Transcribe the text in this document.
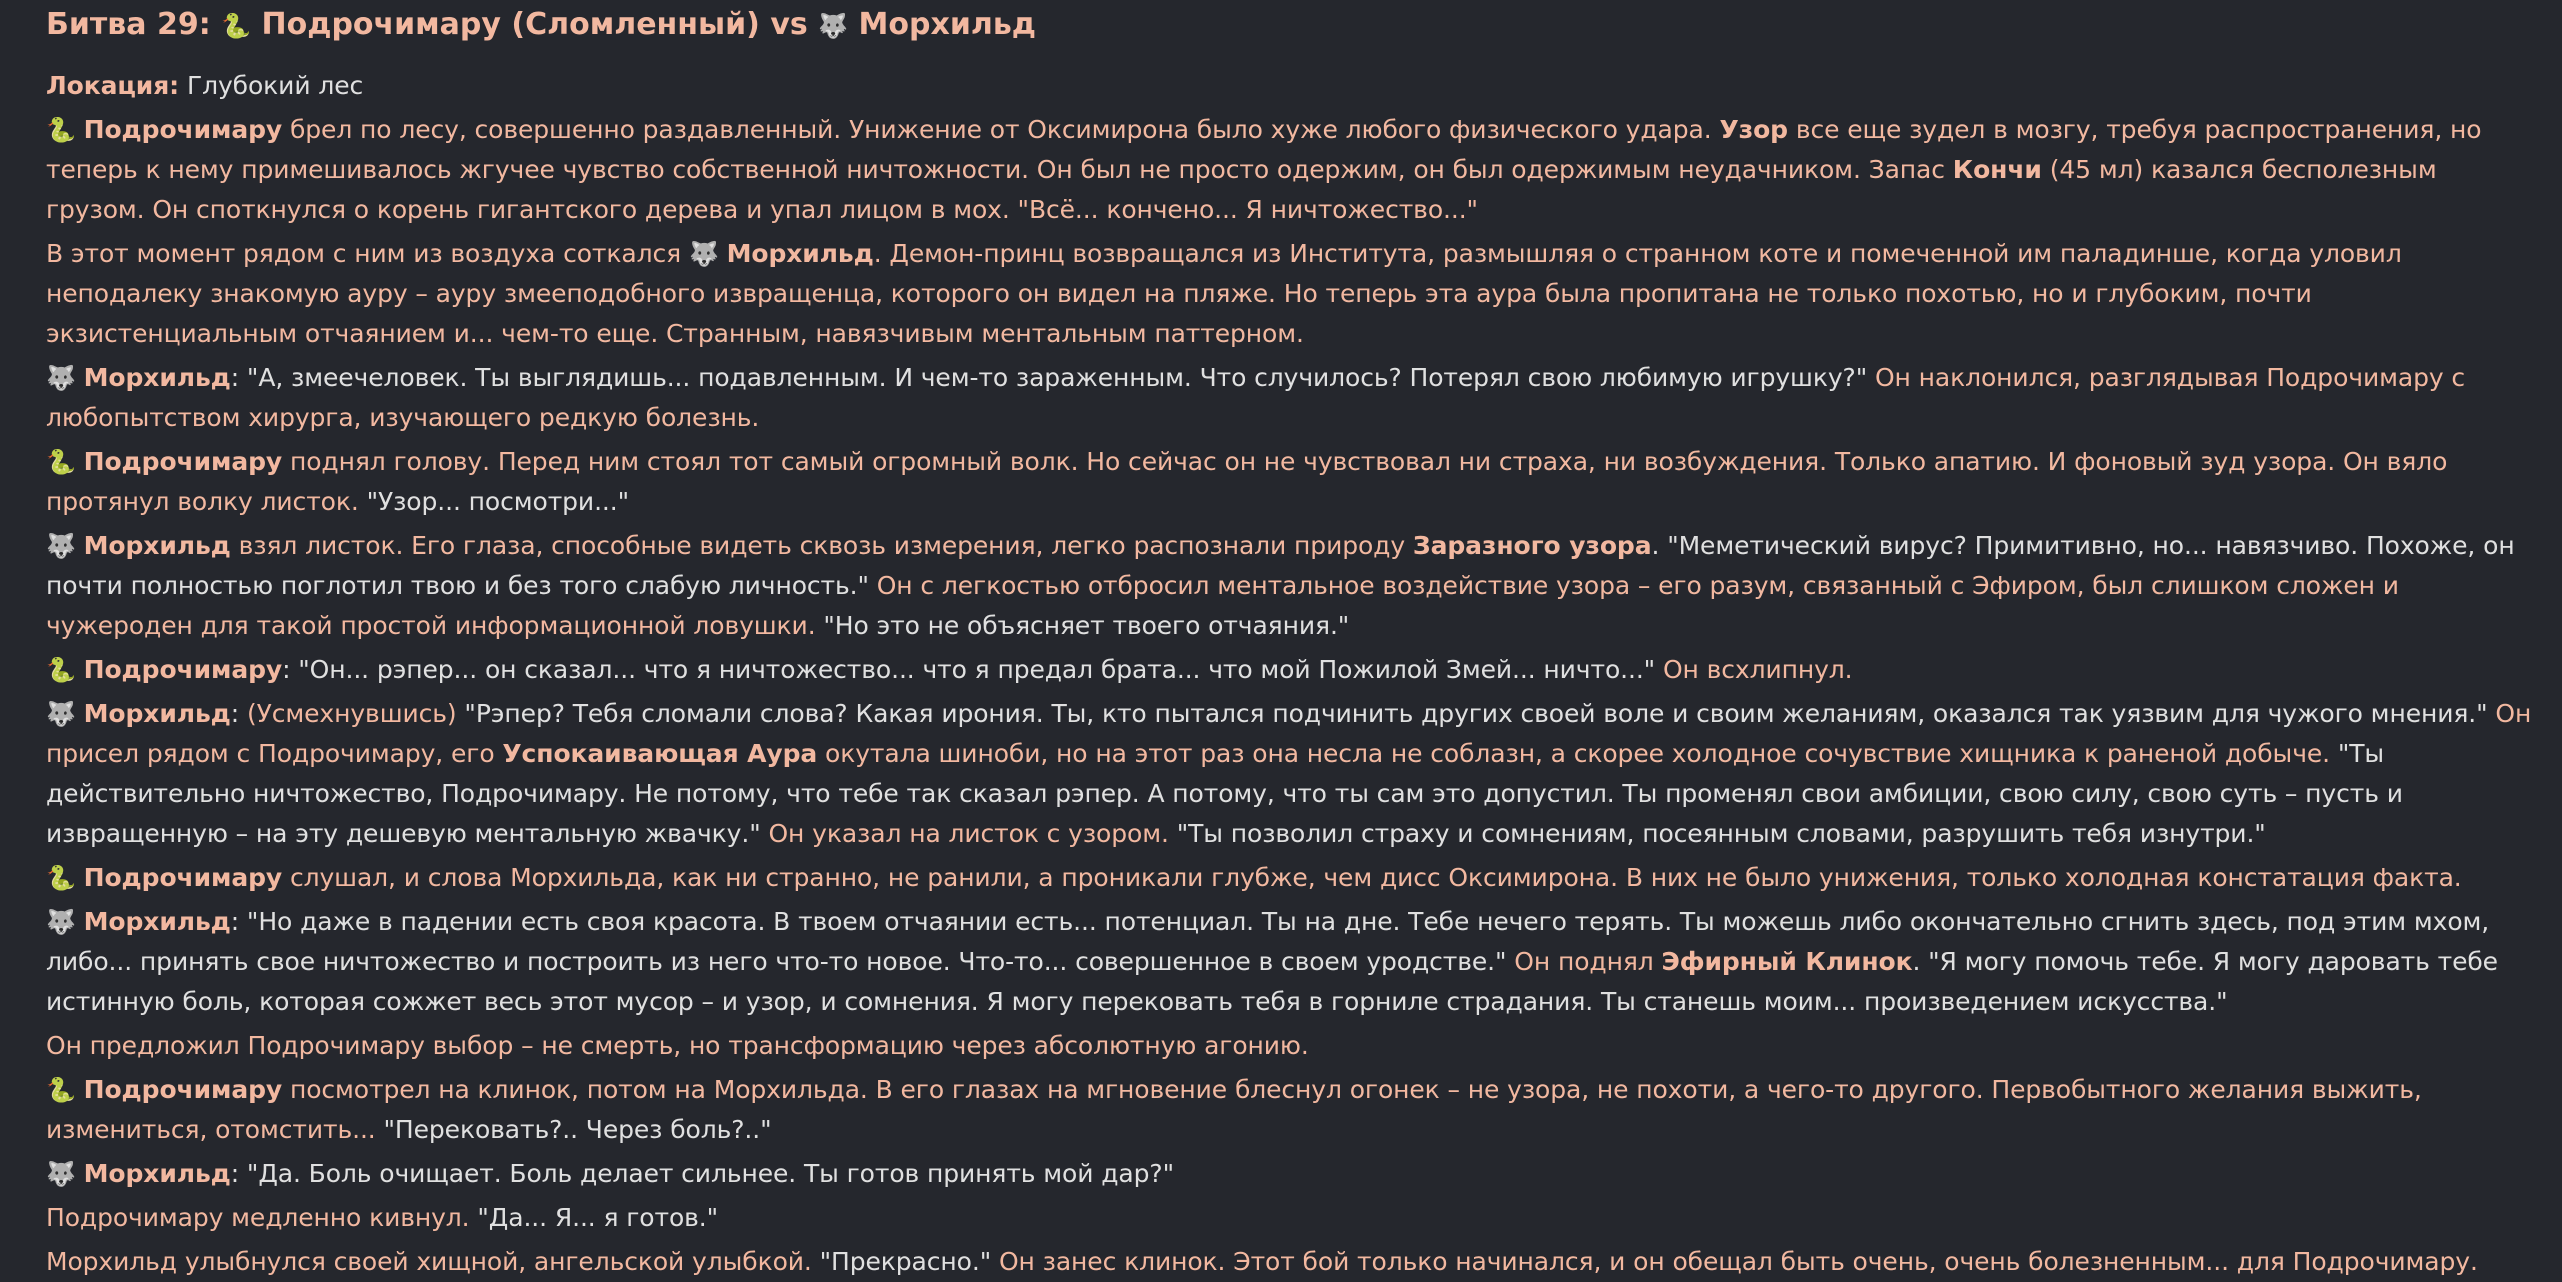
Битва 29: 🐍 Подрочимару (Сломленный) vs 🐺 Морхильд

Локация: Глубокий лес

🐍 Подрочимару брел по лесу, совершенно раздавленный. Унижение от Оксимирона было хуже любого физического удара. Узор все еще зудел в мозгу, требуя распространения, но теперь к нему примешивалось жгучее чувство собственной ничтожности. Он был не просто одержим, он был одержимым неудачником. Запас Кончи (45 мл) казался бесполезным грузом. Он споткнулся о корень гигантского дерева и упал лицом в мох. "Всё... кончено... Я ничтожество..."

В этот момент рядом с ним из воздуха соткался 🐺 Морхильд. Демон-принц возвращался из Института, размышляя о странном коте и помеченной им паладинше, когда уловил неподалеку знакомую ауру – ауру змееподобного извращенца, которого он видел на пляже. Но теперь эта аура была пропитана не только похотью, но и глубоким, почти экзистенциальным отчаянием и... чем-то еще. Странным, навязчивым ментальным паттерном.

🐺 Морхильд: "А, змеечеловек. Ты выглядишь... подавленным. И чем-то зараженным. Что случилось? Потерял свою любимую игрушку?" Он наклонился, разглядывая Подрочимару с любопытством хирурга, изучающего редкую болезнь.

🐍 Подрочимару поднял голову. Перед ним стоял тот самый огромный волк. Но сейчас он не чувствовал ни страха, ни возбуждения. Только апатию. И фоновый зуд узора. Он вяло протянул волку листок. "Узор... посмотри..."

🐺 Морхильд взял листок. Его глаза, способные видеть сквозь измерения, легко распознали природу Заразного узора. "Меметический вирус? Примитивно, но... навязчиво. Похоже, он почти полностью поглотил твою и без того слабую личность." Он с легкостью отбросил ментальное воздействие узора – его разум, связанный с Эфиром, был слишком сложен и чужероден для такой простой информационной ловушки. "Но это не объясняет твоего отчаяния."

🐍 Подрочимару: "Он... рэпер... он сказал... что я ничтожество... что я предал брата... что мой Пожилой Змей... ничто..." Он всхлипнул.

🐺 Морхильд: (Усмехнувшись) "Рэпер? Тебя сломали слова? Какая ирония. Ты, кто пытался подчинить других своей воле и своим желаниям, оказался так уязвим для чужого мнения." Он присел рядом с Подрочимару, его Успокаивающая Аура окутала шиноби, но на этот раз она несла не соблазн, а скорее холодное сочувствие хищника к раненой добыче. "Ты действительно ничтожество, Подрочимару. Не потому, что тебе так сказал рэпер. А потому, что ты сам это допустил. Ты променял свои амбиции, свою силу, свою суть – пусть и извращенную – на эту дешевую ментальную жвачку." Он указал на листок с узором. "Ты позволил страху и сомнениям, посеянным словами, разрушить тебя изнутри."

🐍 Подрочимару слушал, и слова Морхильда, как ни странно, не ранили, а проникали глубже, чем дисс Оксимирона. В них не было унижения, только холодная констатация факта.

🐺 Морхильд: "Но даже в падении есть своя красота. В твоем отчаянии есть... потенциал. Ты на дне. Тебе нечего терять. Ты можешь либо окончательно сгнить здесь, под этим мхом, либо... принять свое ничтожество и построить из него что-то новое. Что-то... совершенное в своем уродстве." Он поднял Эфирный Клинок. "Я могу помочь тебе. Я могу даровать тебе истинную боль, которая сожжет весь этот мусор – и узор, и сомнения. Я могу перековать тебя в горниле страдания. Ты станешь моим... произведением искусства."

Он предложил Подрочимару выбор – не смерть, но трансформацию через абсолютную агонию.

🐍 Подрочимару посмотрел на клинок, потом на Морхильда. В его глазах на мгновение блеснул огонек – не узора, не похоти, а чего-то другого. Первобытного желания выжить, измениться, отомстить... "Перековать?.. Через боль?.."

🐺 Морхильд: "Да. Боль очищает. Боль делает сильнее. Ты готов принять мой дар?"

Подрочимару медленно кивнул. "Да... Я... я готов."

Морхильд улыбнулся своей хищной, ангельской улыбкой. "Прекрасно." Он занес клинок. Этот бой только начинался, и он обещал быть очень, очень болезненным... для Подрочимару.
